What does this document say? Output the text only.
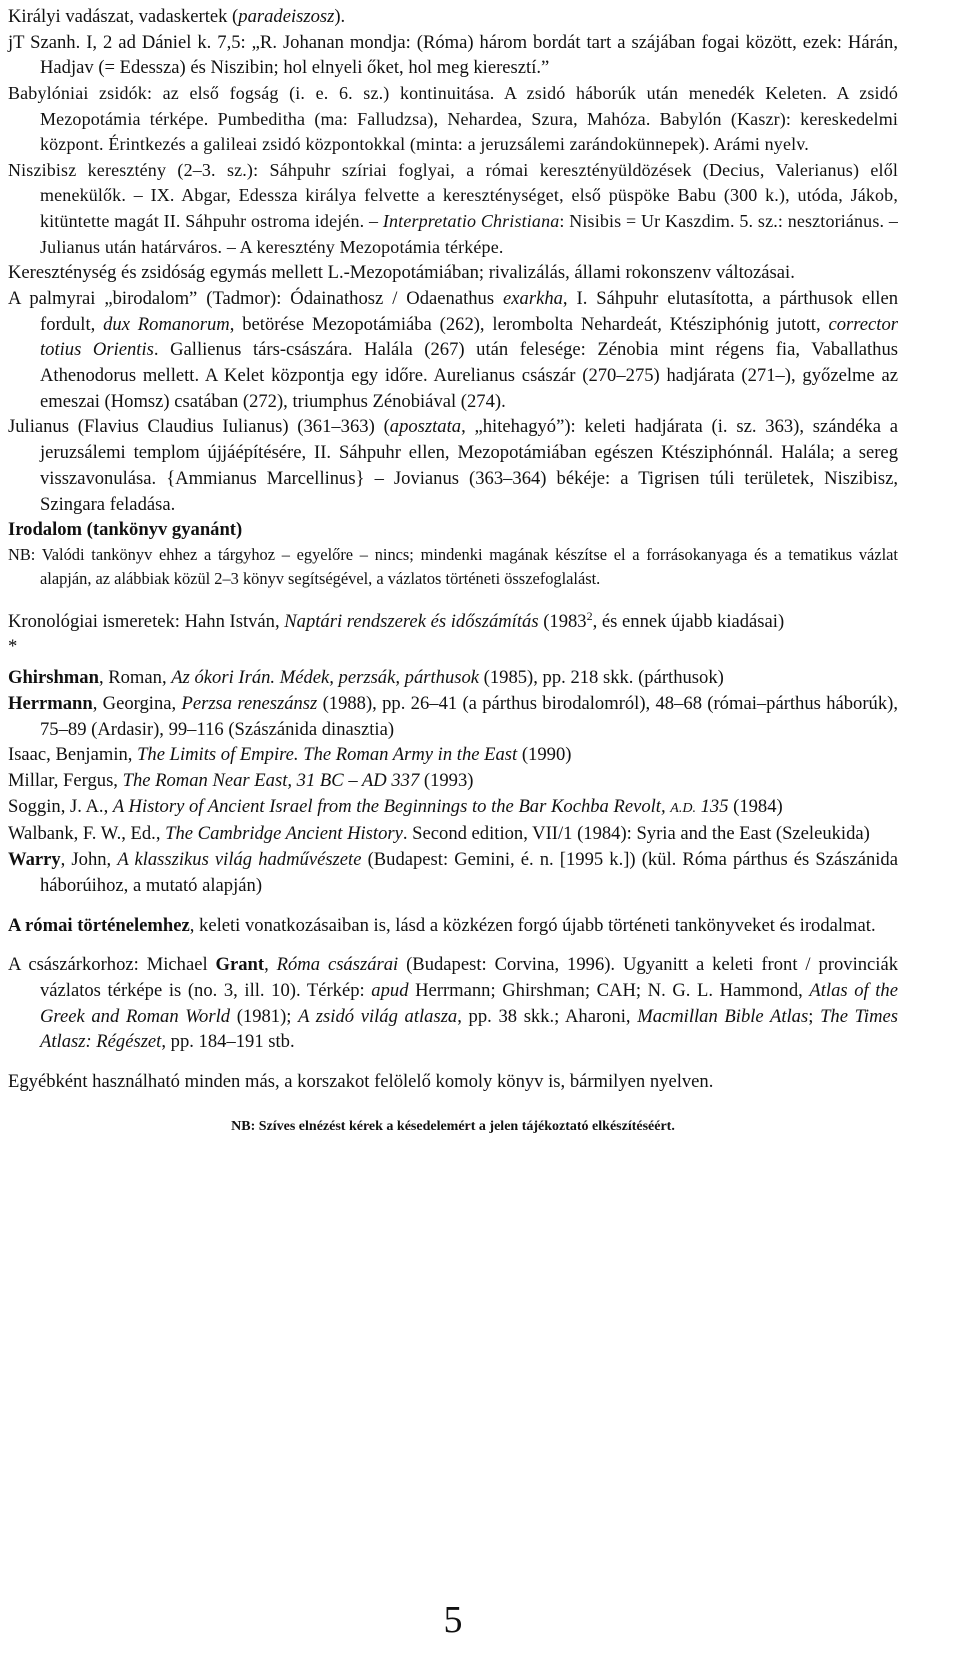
Királyi vadászat, vadaskertek (paradeiszosz).

jT Szanh. I, 2 ad Dániel k. 7,5: „R. Johanan mondja: (Róma) három bordát tart a szájában fogai között, ezek: Hárán, Hadjav (= Edessza) és Niszibin; hol elnyeli őket, hol meg kieresztí.”

Babylóniai zsidók: az első fogság (i. e. 6. sz.) kontinuitása. A zsidó háborúk után menedék Keleten. A zsidó Mezopotámia térképe. Pumbeditha (ma: Falludzsa), Nehardea, Szura, Mahóza. Babylón (Kaszr): kereskedelmi központ. Érintkezés a galileai zsidó központokkal (minta: a jeruzsálemi zarándokünnepek). Arámi nyelv.

Niszibisz keresztény (2–3. sz.): Sáhpuhr szíriai foglyai, a római keresztényüldözések (Decius, Valerianus) elől menekülők. – IX. Abgar, Edessza királya felvette a kereszténységet, első püspöke Babu (300 k.), utóda, Jákob, kitüntette magát II. Sáhpuhr ostroma idején. – Interpretatio Christiana: Nisibis = Ur Kaszdim. 5. sz.: nesztoriánus. – Julianus után határváros. – A keresztény Mezopotámia térképe.

Kereszténység és zsidóság egymás mellett L.-Mezopotámiában; rivalizálás, állami rokonszenv változásai.

A palmyrai „birodalom” (Tadmor): Ódainathosz / Odaenathus exarkha, I. Sáhpuhr elutasította, a párthusok ellen fordult, dux Romanorum, betörése Mezopotámiába (262), lerombolta Nehardeát, Ktésziphónig jutott, corrector totius Orientis. Gallienus társ-császára. Halála (267) után felesége: Zénobia mint régens fia, Vaballathus Athenodorus mellett. A Kelet központja egy időre. Aurelianus császár (270–275) hadjárata (271–), győzelme az emeszai (Homsz) csatában (272), triumphus Zénobiával (274).

Julianus (Flavius Claudius Iulianus) (361–363) (aposztata, „hitehagyó”): keleti hadjárata (i. sz. 363), szándéka a jeruzsálemi templom újjáépítésére, II. Sáhpuhr ellen, Mezopotámiában egészen Ktésziphónnál. Halála; a sereg visszavonulása. {Ammianus Marcellinus} – Jovianus (363–364) békéje: a Tigrisen túli területek, Niszibisz, Szingara feladása.

Irodalom (tankönyv gyanánt)

NB: Valódi tankönyv ehhez a tárgyhoz – egyelőre – nincs; mindenki magának készítse el a forrásokanyaga és a tematikus vázlat alapján, az alábbiak közül 2–3 könyv segítségével, a vázlatos történeti összefoglalást.

Kronológiai ismeretek: Hahn István, Naptári rendszerek és időszámítás (1983$^2$, és ennek újabb kiadásai)

*

Ghirshman, Roman, Az ókori Irán. Médek, perzsák, párthusok (1985), pp. 218 skk. (párthusok)

Herrmann, Georgina, Perzsa reneszánsz (1988), pp. 26–41 (a párthus birodalomról), 48–68 (római–párthus háborúk), 75–89 (Ardasir), 99–116 (Szászánida dinasztia)

Isaac, Benjamin, The Limits of Empire. The Roman Army in the East (1990)

Millar, Fergus, The Roman Near East, 31 BC – AD 337 (1993)

Soggin, J. A., A History of Ancient Israel from the Beginnings to the Bar Kochba Revolt, A.D. 135 (1984)

Walbank, F. W., Ed., The Cambridge Ancient History. Second edition, VII/1 (1984): Syria and the East (Szeleukida)

Warry, John, A klasszikus világ hadművészete (Budapest: Gemini, é. n. [1995 k.]) (kül. Róma párthus és Szászánida háborúihoz, a mutató alapján)

A római történelemhez, keleti vonatkozásaiban is, lásd a közkézen forgó újabb történeti tankönyveket és irodalmat.

A császárkorhoz: Michael Grant, Róma császárai (Budapest: Corvina, 1996). Ugyanitt a keleti front / provinciák vázlatos térképe is (no. 3, ill. 10). Térkép: apud Herrmann; Ghirshman; CAH; N. G. L. Hammond, Atlas of the Greek and Roman World (1981); A zsidó világ atlasza, pp. 38 skk.; Aharoni, Macmillan Bible Atlas; The Times Atlasz: Régészet, pp. 184–191 stb.

Egyébként használható minden más, a korszakot felölelő komoly könyv is, bármilyen nyelven.

NB: Szíves elnézést kérek a késedelemért a jelen tájékoztató elkészítéséért.

5
